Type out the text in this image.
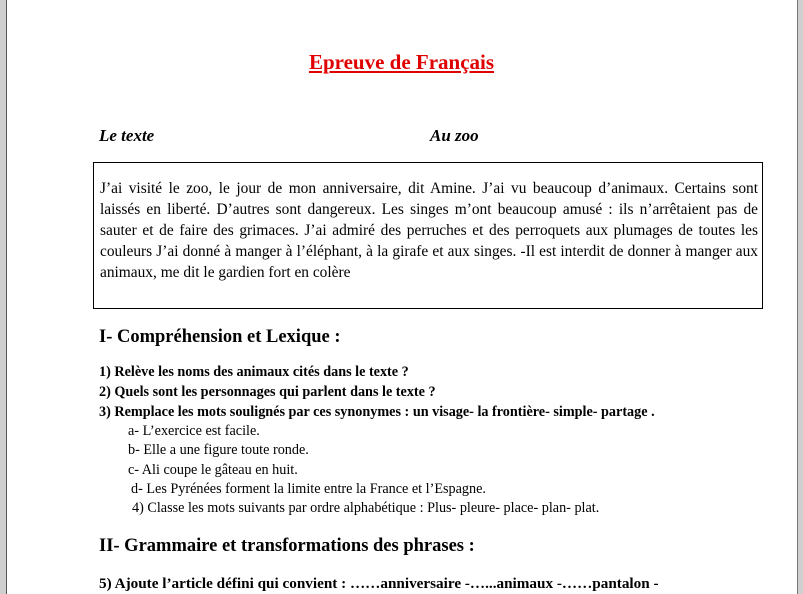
Epreuve de Français
Le texte	Au zoo

J’ai visité le zoo, le jour de mon anniversaire, dit Amine. J’ai vu beaucoup d’animaux. Certains sont laissés en liberté. D’autres sont dangereux. Les singes m’ont beaucoup amusé : ils n’arrêtaient pas de sauter et de faire des grimaces. J’ai admiré des perruches et des perroquets aux plumages de toutes les couleurs J’ai donné à manger à l’éléphant, à la girafe et aux singes. -Il est interdit de donner à manger aux animaux, me dit le gardien fort en colère

I- Compréhension et Lexique :
1) Relève les noms des animaux cités dans le texte ?
2) Quels sont les personnages qui parlent dans le texte ?
3) Remplace les mots soulignés par ces synonymes : un visage- la frontière- simple- partage .
a- L’exercice est facile.
b- Elle a une figure toute ronde.
c- Ali coupe le gâteau en huit.
d- Les Pyrénées forment la limite entre la France et l’Espagne.
4) Classe les mots suivants par ordre alphabétique : Plus- pleure- place- plan- plat.
II- Grammaire et transformations des phrases :
5) Ajoute l’article défini qui convient : ……anniversaire -…...animaux -……pantalon -
